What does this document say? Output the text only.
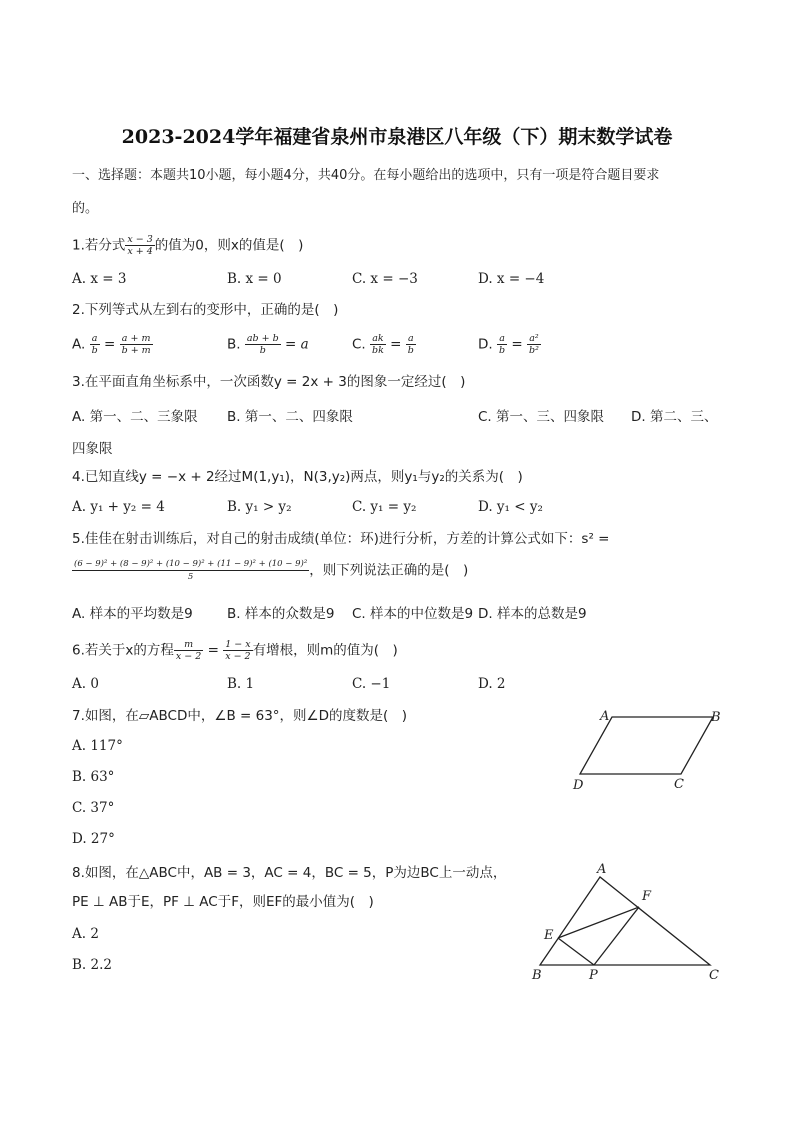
2023-2024学年福建省泉州市泉港区八年级（下）期末数学试卷
一、选择题：本题共10小题，每小题4分，共40分。在每小题给出的选项中，只有一项是符合题目要求
的。
1.若分式 $\frac{x - 3}{x + 4}$ 的值为0，则x的值是(　)
A. x = 3	B. x = 0	C. x = −3	D. x = −4
2.下列等式从左到右的变形中，正确的是(　)
A. $\frac{a}{b} = \frac{a + m}{b + m}$	B. $\frac{ab + b}{b} = a$	C. $\frac{ak}{bk} = \frac{a}{b}$	D. $\frac{a}{b} = \frac{\text{a²}}{\text{b²}}$
3.在平面直角坐标系中，一次函数y = 2x + 3的图象一定经过(　)
A. 第一、二、三象限 B. 第一、二、四象限	C. 第一、三、四象限 D. 第二、三、
四象限
4.已知直线y = −x + 2经过M(1,y₁)，N(3,y₂)两点，则y₁与y₂的关系为(　)
A. y₁ + y₂ = 4	B. y₁ > y₂	C. y₁ = y₂	D. y₁ < y₂
5.佳佳在射击训练后，对自己的射击成绩(单位：环)进行分析，方差的计算公式如下：s² =
$\frac{\text{(6 − 9)² + (8 − 9)² + (10 − 9)² + (11 − 9)² + (10 − 9)²}}{5}$ ，则下列说法正确的是(　)
A. 样本的平均数是9	B. 样本的众数是9 C. 样本的中位数是9 D. 样本的总数是9
6.若关于x的方程 $\frac{m}{x - 2} = \frac{1 - x}{x - 2}$ 有增根，则m的值为(　)
A. 0	B. 1	C. −1	D. 2
7.如图，在▱ABCD中，∠B = 63°，则∠D的度数是(　)
A. 117°
B. 63°
C. 37°
D. 27°
A	B
C
D
8.如图，在△ABC中，AB = 3，AC = 4，BC = 5，P为边BC上一动点，
PE ⊥ AB于E，PF ⊥ AC于F，则EF的最小值为(　)
A. 2
B. 2.2
A
B	C
E
F
P
